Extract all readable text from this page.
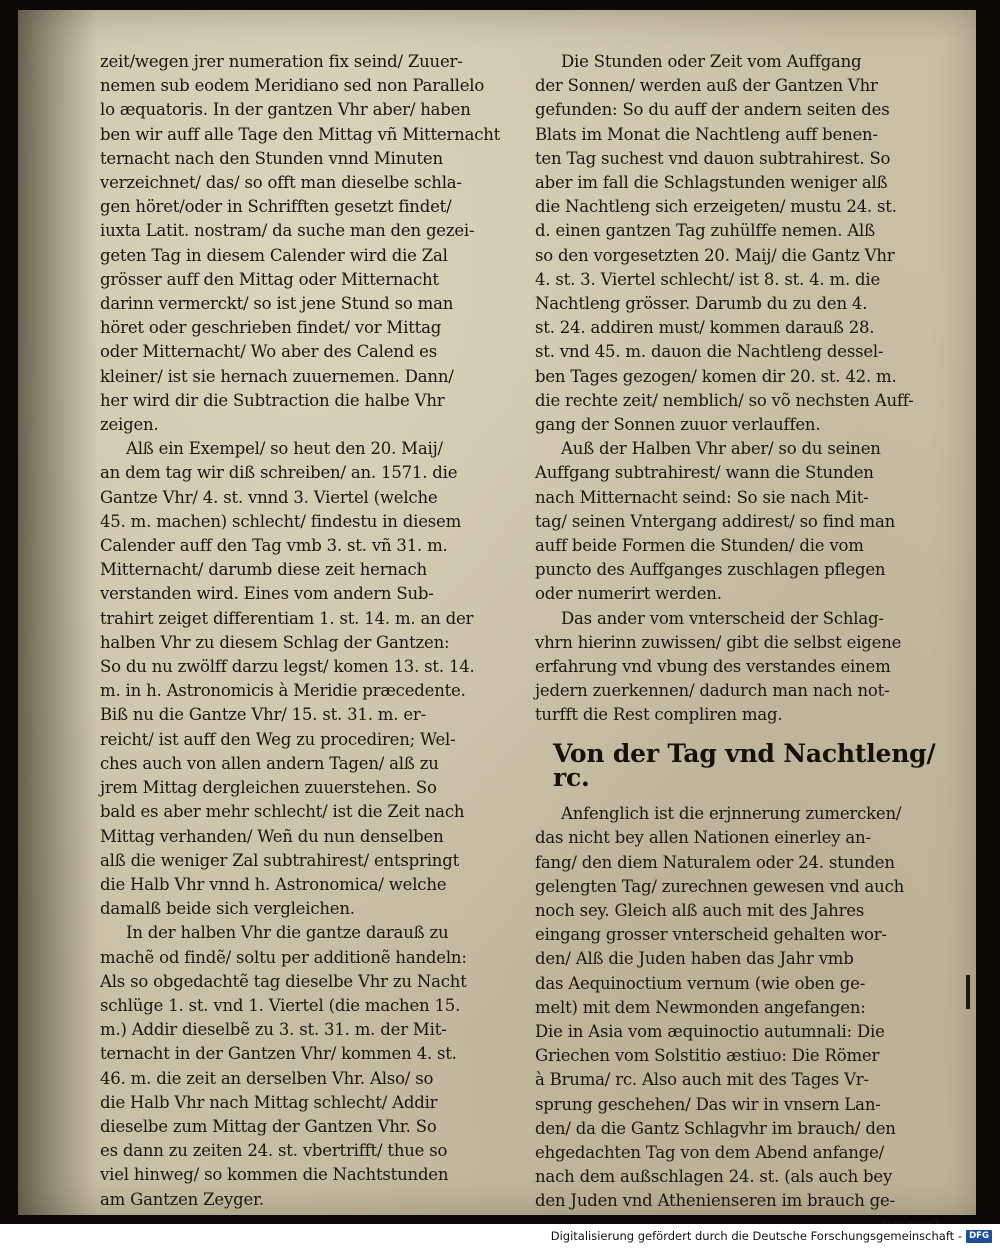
zeit/wegen jrer numeration fix seind/ Zuuer-
nemen sub eodem Meridiano sed non Parallelo
lo æquatoris. In der gantzen Vhr aber/ haben
ben wir auff alle Tage den Mittag vñ Mitternacht
ternacht nach den Stunden vnnd Minuten
verzeichnet/ das/ so offt man dieselbe schla-
gen höret/oder in Schrifften gesetzt findet/
iuxta Latit. nostram/ da suche man den gezei-
geten Tag in diesem Calender wird die Zal
grösser auff den Mittag oder Mitternacht
darinn vermerckt/ so ist jene Stund so man
höret oder geschrieben findet/ vor Mittag
oder Mitternacht/ Wo aber des Calend es
kleiner/ ist sie hernach zuuernemen. Dann/
her wird dir die Subtraction die halbe Vhr
zeigen.

Alß ein Exempel/ so heut den 20. Maij/
an dem tag wir diß schreiben/ an. 1571. die
Gantze Vhr/ 4. st. vnnd 3. Viertel (welche
45. m. machen) schlecht/ findestu in diesem
Calender auff den Tag vmb 3. st. vñ 31. m.
Mitternacht/ darumb diese zeit hernach
verstanden wird. Eines vom andern Sub-
trahirt zeiget differentiam 1. st. 14. m. an der
halben Vhr zu diesem Schlag der Gantzen:
So du nu zwölff darzu legst/ komen 13. st. 14.
m. in h. Astronomicis à Meridie præcedente.
Biß nu die Gantze Vhr/ 15. st. 31. m. er-
reicht/ ist auff den Weg zu procediren; Wel-
ches auch von allen andern Tagen/ alß zu
jrem Mittag dergleichen zuuerstehen. So
bald es aber mehr schlecht/ ist die Zeit nach
Mittag verhanden/ Weñ du nun denselben
alß die weniger Zal subtrahirest/ entspringt
die Halb Vhr vnnd h. Astronomica/ welche
damalß beide sich vergleichen.

In der halben Vhr die gantze darauß zu
machẽ od findẽ/ soltu per additionẽ handeln:
Als so obgedachtẽ tag dieselbe Vhr zu Nacht
schlüge 1. st. vnd 1. Viertel (die machen 15.
m.) Addir dieselbẽ zu 3. st. 31. m. der Mit-
ternacht in der Gantzen Vhr/ kommen 4. st.
46. m. die zeit an derselben Vhr. Also/ so
die Halb Vhr nach Mittag schlecht/ Addir
dieselbe zum Mittag der Gantzen Vhr. So
es dann zu zeiten 24. st. vbertrifft/ thue so
viel hinweg/ so kommen die Nachtstunden
am Gantzen Zeyger.

Die Stunden oder Zeit vom Auffgang
der Sonnen/ werden auß der Gantzen Vhr
gefunden: So du auff der andern seiten des
Blats im Monat die Nachtleng auff benen-
ten Tag suchest vnd dauon subtrahirest. So
aber im fall die Schlagstunden weniger alß
die Nachtleng sich erzeigeten/ mustu 24. st.
d. einen gantzen Tag zuhülffe nemen. Alß
so den vorgesetzten 20. Maij/ die Gantz Vhr
4. st. 3. Viertel schlecht/ ist 8. st. 4. m. die
Nachtleng grösser. Darumb du zu den 4.
st. 24. addiren must/ kommen darauß 28.
st. vnd 45. m. dauon die Nachtleng dessel-
ben Tages gezogen/ komen dir 20. st. 42. m.
die rechte zeit/ nemblich/ so võ nechsten Auff-
gang der Sonnen zuuor verlauffen.

Auß der Halben Vhr aber/ so du seinen
Auffgang subtrahirest/ wann die Stunden
nach Mitternacht seind: So sie nach Mit-
tag/ seinen Vntergang addirest/ so find man
auff beide Formen die Stunden/ die vom
puncto des Auffganges zuschlagen pflegen
oder numerirt werden.

Das ander vom vnterscheid der Schlag-
vhrn hierinn zuwissen/ gibt die selbst eigene
erfahrung vnd vbung des verstandes einem
jedern zuerkennen/ dadurch man nach not-
turfft die Rest compliren mag.

Von der Tag vnd Nachtleng/ rc.

Anfenglich ist die erjnnerung zumercken/
das nicht bey allen Nationen einerley an-
fang/ den diem Naturalem oder 24. stunden
gelengten Tag/ zurechnen gewesen vnd auch
noch sey. Gleich alß auch mit des Jahres
eingang grosser vnterscheid gehalten wor-
den/ Alß die Juden haben das Jahr vmb
das Aequinoctium vernum (wie oben ge-
melt) mit dem Newmonden angefangen:
Die in Asia vom æquinoctio autumnali: Die
Griechen vom Solstitio æstiuo: Die Römer
à Bruma/ rc. Also auch mit des Tages Vr-
sprung geschehen/ Das wir in vnsern Lan-
den/ da die Gantz Schlagvhr im brauch/ den
ehgedachten Tag von dem Abend anfange/
nach dem außschlagen 24. st. (als auch bey
den Juden vnd Athenienseren im brauch ge-

Digitalisierung gefördert durch die Deutsche Forschungsgemeinschaft - DFG
